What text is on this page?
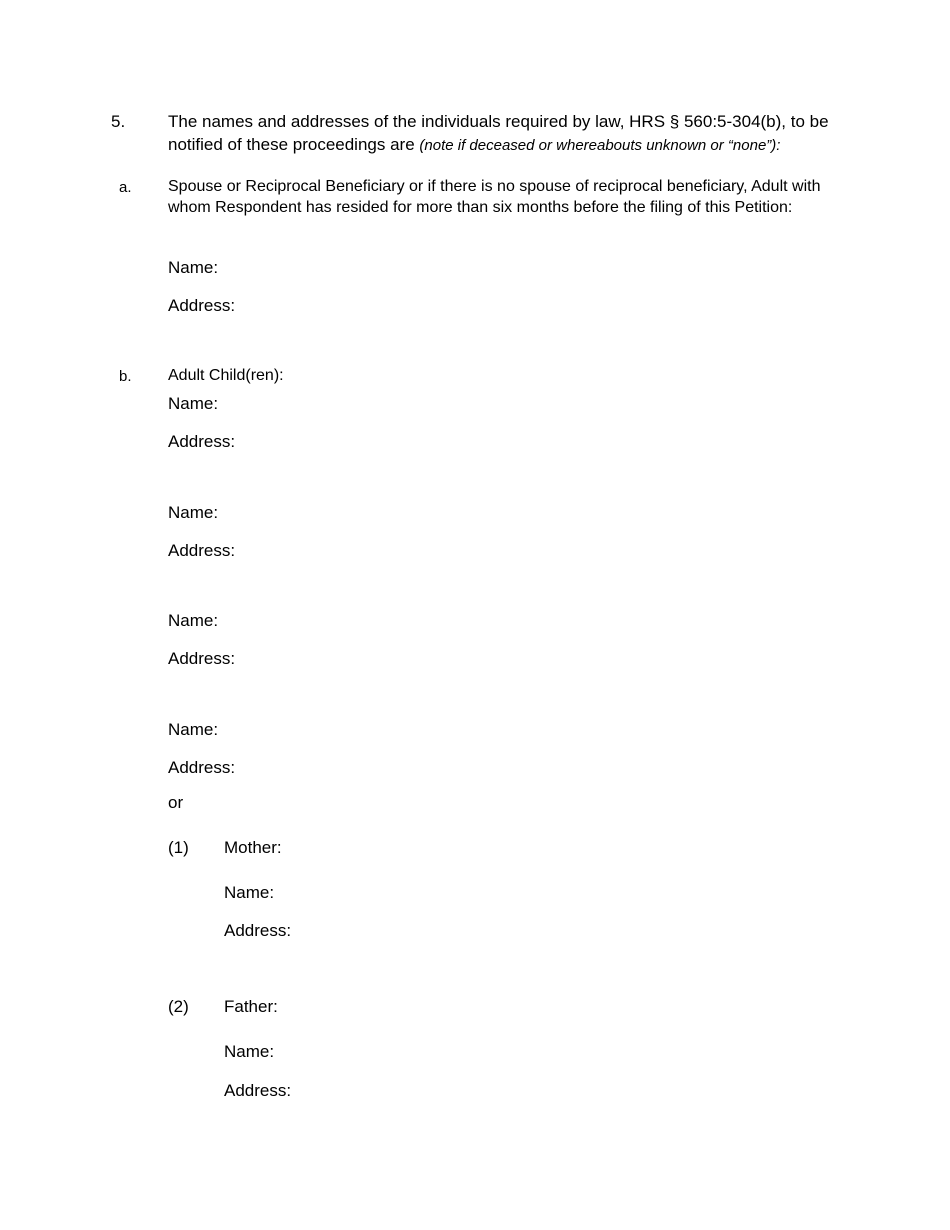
5.	The names and addresses of the individuals required by law, HRS § 560:5-304(b), to be notified of these proceedings are (note if deceased or whereabouts unknown or “none”):
a. Spouse or Reciprocal Beneficiary or if there is no spouse of reciprocal beneficiary, Adult with whom Respondent has resided for more than six months before the filing of this Petition:
Name:
Address:
b. Adult Child(ren):
Name:
Address:
Name:
Address:
Name:
Address:
Name:
Address:
or
(1) Mother:
Name:
Address:
(2) Father:
Name:
Address:
